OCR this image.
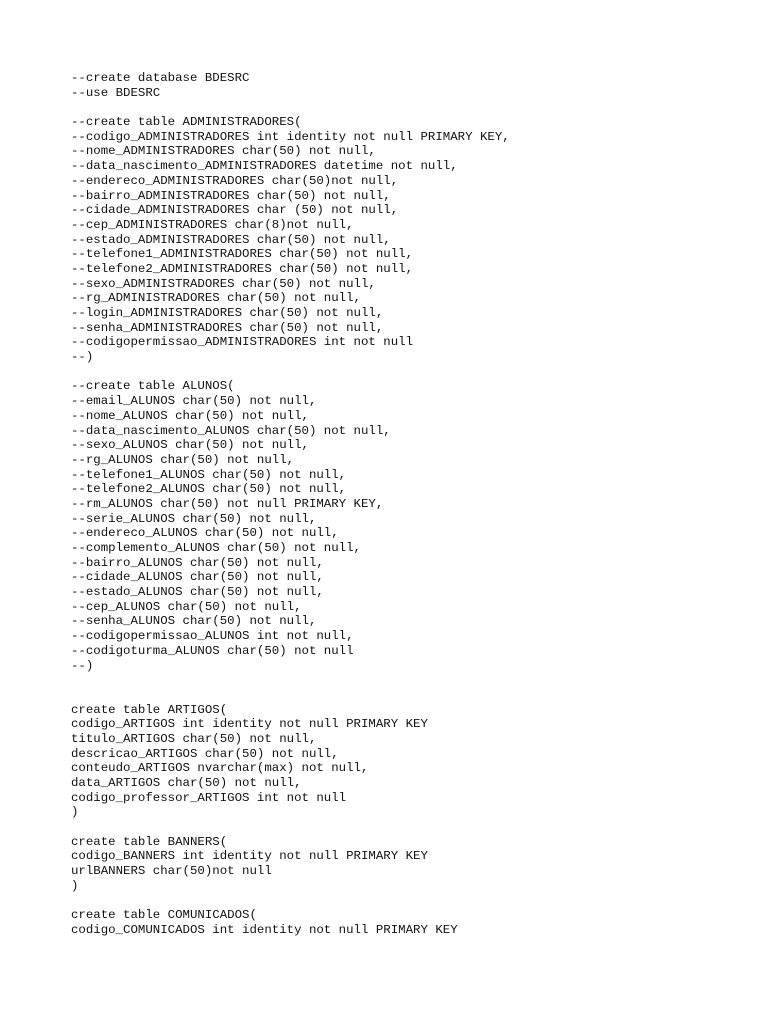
--create database BDESRC
--use BDESRC
--create table ADMINISTRADORES(
--codigo_ADMINISTRADORES int identity not null PRIMARY KEY,
--nome_ADMINISTRADORES char(50) not null,
--data_nascimento_ADMINISTRADORES datetime not null,
--endereco_ADMINISTRADORES char(50)not null,
--bairro_ADMINISTRADORES char(50) not null,
--cidade_ADMINISTRADORES char (50) not null,
--cep_ADMINISTRADORES char(8)not null,
--estado_ADMINISTRADORES char(50) not null,
--telefone1_ADMINISTRADORES char(50) not null,
--telefone2_ADMINISTRADORES char(50) not null,
--sexo_ADMINISTRADORES char(50) not null,
--rg_ADMINISTRADORES char(50) not null,
--login_ADMINISTRADORES char(50) not null,
--senha_ADMINISTRADORES char(50) not null,
--codigopermissao_ADMINISTRADORES int not null
--)
--create table ALUNOS(
--email_ALUNOS char(50) not null,
--nome_ALUNOS char(50) not null,
--data_nascimento_ALUNOS char(50) not null,
--sexo_ALUNOS char(50) not null,
--rg_ALUNOS char(50) not null,
--telefone1_ALUNOS char(50) not null,
--telefone2_ALUNOS char(50) not null,
--rm_ALUNOS char(50) not null PRIMARY KEY,
--serie_ALUNOS char(50) not null,
--endereco_ALUNOS char(50) not null,
--complemento_ALUNOS char(50) not null,
--bairro_ALUNOS char(50) not null,
--cidade_ALUNOS char(50) not null,
--estado_ALUNOS char(50) not null,
--cep_ALUNOS char(50) not null,
--senha_ALUNOS char(50) not null,
--codigopermissao_ALUNOS int not null,
--codigoturma_ALUNOS char(50) not null
--)
create table ARTIGOS(
codigo_ARTIGOS int identity not null PRIMARY KEY
titulo_ARTIGOS char(50) not null,
descricao_ARTIGOS char(50) not null,
conteudo_ARTIGOS nvarchar(max) not null,
data_ARTIGOS char(50) not null,
codigo_professor_ARTIGOS int not null
)
create table BANNERS(
codigo_BANNERS int identity not null PRIMARY KEY
urlBANNERS char(50)not null
)
create table COMUNICADOS(
codigo_COMUNICADOS int identity not null PRIMARY KEY
